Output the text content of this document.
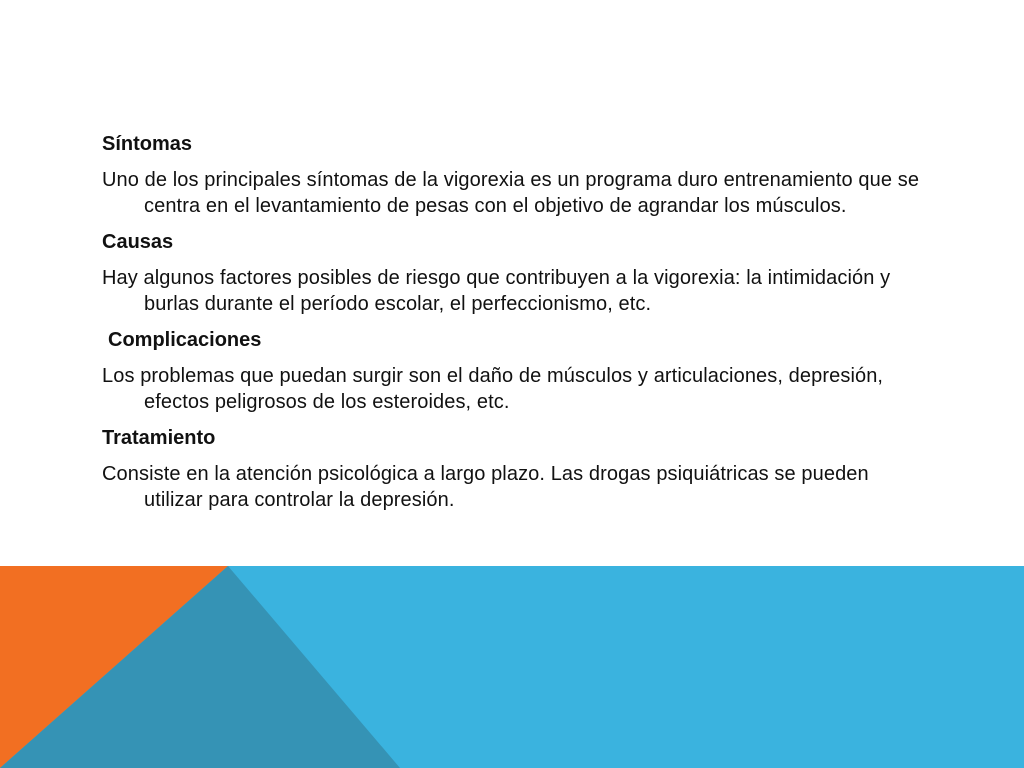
Síntomas
Uno de los principales síntomas de la vigorexia es un programa duro entrenamiento que se centra en el levantamiento de pesas con el objetivo de agrandar los músculos.
Causas
Hay algunos factores posibles de riesgo que contribuyen a la vigorexia: la intimidación y burlas durante el período escolar, el perfeccionismo, etc.
Complicaciones
Los problemas que puedan surgir son el daño de músculos y articulaciones, depresión, efectos peligrosos de los esteroides, etc.
Tratamiento
Consiste en la atención psicológica a largo plazo. Las drogas psiquiátricas se pueden utilizar para controlar la depresión.
